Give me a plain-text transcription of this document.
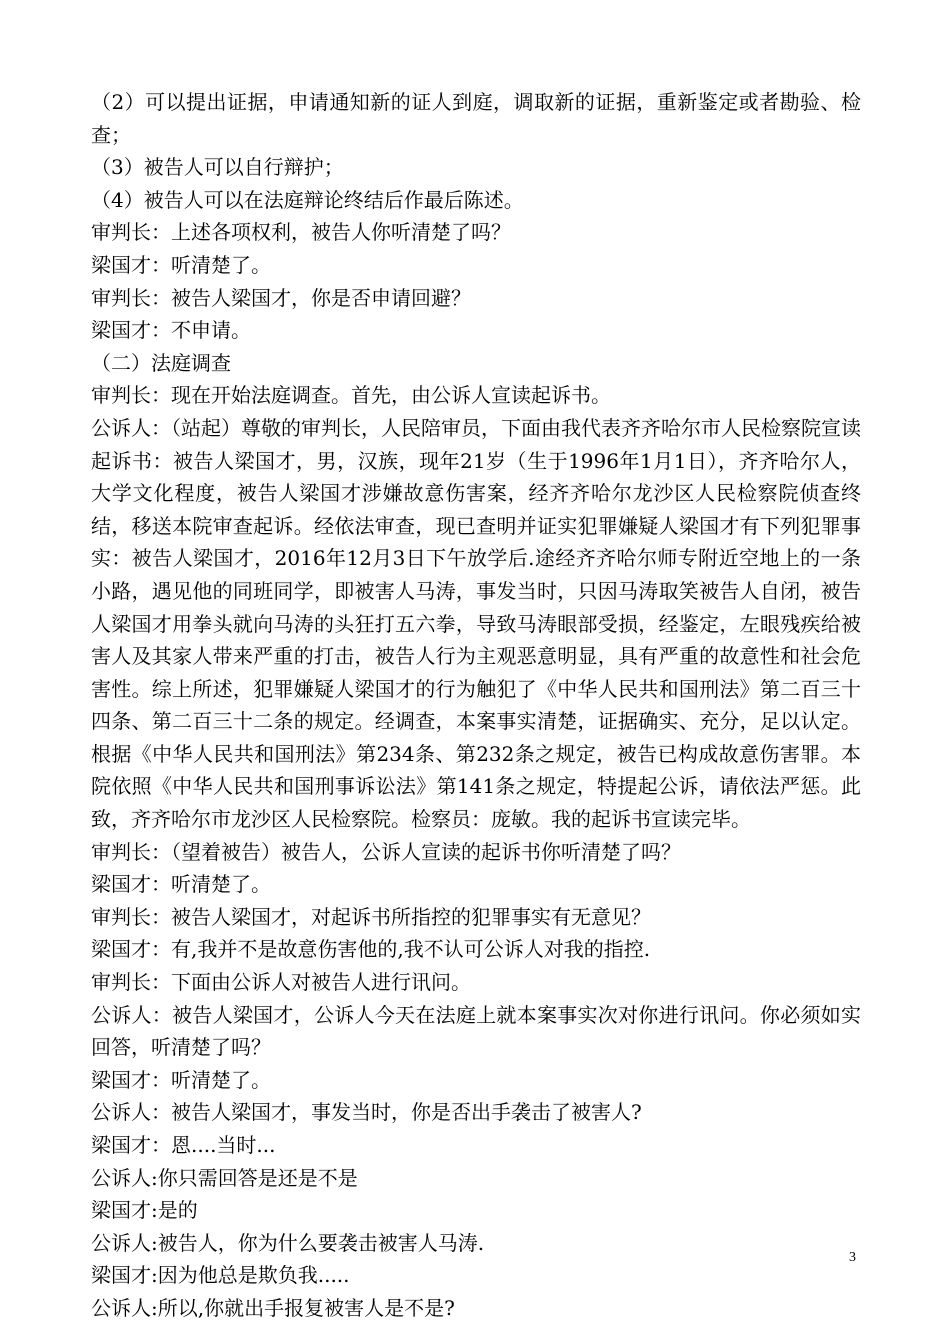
（2）可以提出证据，申请通知新的证人到庭，调取新的证据，重新鉴定或者勘验、检查；

（3）被告人可以自行辩护；

（4）被告人可以在法庭辩论终结后作最后陈述。

审判长：上述各项权利，被告人你听清楚了吗？

梁国才：听清楚了。

审判长：被告人梁国才，你是否申请回避？

梁国才：不申请。

（二）法庭调查

审判长：现在开始法庭调查。首先，由公诉人宣读起诉书。

公诉人：（站起）尊敬的审判长，人民陪审员，下面由我代表齐齐哈尔市人民检察院宣读起诉书：被告人梁国才，男，汉族，现年21岁（生于1996年1月1日），齐齐哈尔人，大学文化程度，被告人梁国才涉嫌故意伤害案，经齐齐哈尔龙沙区人民检察院侦查终结，移送本院审查起诉。经依法审查，现已查明并证实犯罪嫌疑人梁国才有下列犯罪事实：被告人梁国才，2016年12月3日下午放学后.途经齐齐哈尔师专附近空地上的一条小路，遇见他的同班同学，即被害人马涛，事发当时，只因马涛取笑被告人自闭，被告人梁国才用拳头就向马涛的头狂打五六拳，导致马涛眼部受损，经鉴定，左眼残疾给被害人及其家人带来严重的打击，被告人行为主观恶意明显，具有严重的故意性和社会危害性。综上所述，犯罪嫌疑人梁国才的行为触犯了《中华人民共和国刑法》第二百三十四条、第二百三十二条的规定。经调查，本案事实清楚，证据确实、充分，足以认定。根据《中华人民共和国刑法》第234条、第232条之规定，被告已构成故意伤害罪。本院依照《中华人民共和国刑事诉讼法》第141条之规定，特提起公诉，请依法严惩。此致，齐齐哈尔市龙沙区人民检察院。检察员：庞敏。我的起诉书宣读完毕。

审判长：（望着被告）被告人，公诉人宣读的起诉书你听清楚了吗？

梁国才：听清楚了。

审判长：被告人梁国才，对起诉书所指控的犯罪事实有无意见？

梁国才：有,我并不是故意伤害他的,我不认可公诉人对我的指控.

审判长：下面由公诉人对被告人进行讯问。

公诉人：被告人梁国才，公诉人今天在法庭上就本案事实次对你进行讯问。你必须如实回答，听清楚了吗？

梁国才：听清楚了。

公诉人：被告人梁国才，事发当时，你是否出手袭击了被害人?

梁国才：恩....当时...

公诉人:你只需回答是还是不是

梁国才:是的

公诉人:被告人，你为什么要袭击被害人马涛.

梁国才:因为他总是欺负我.....

公诉人:所以,你就出手报复被害人是不是?

3
